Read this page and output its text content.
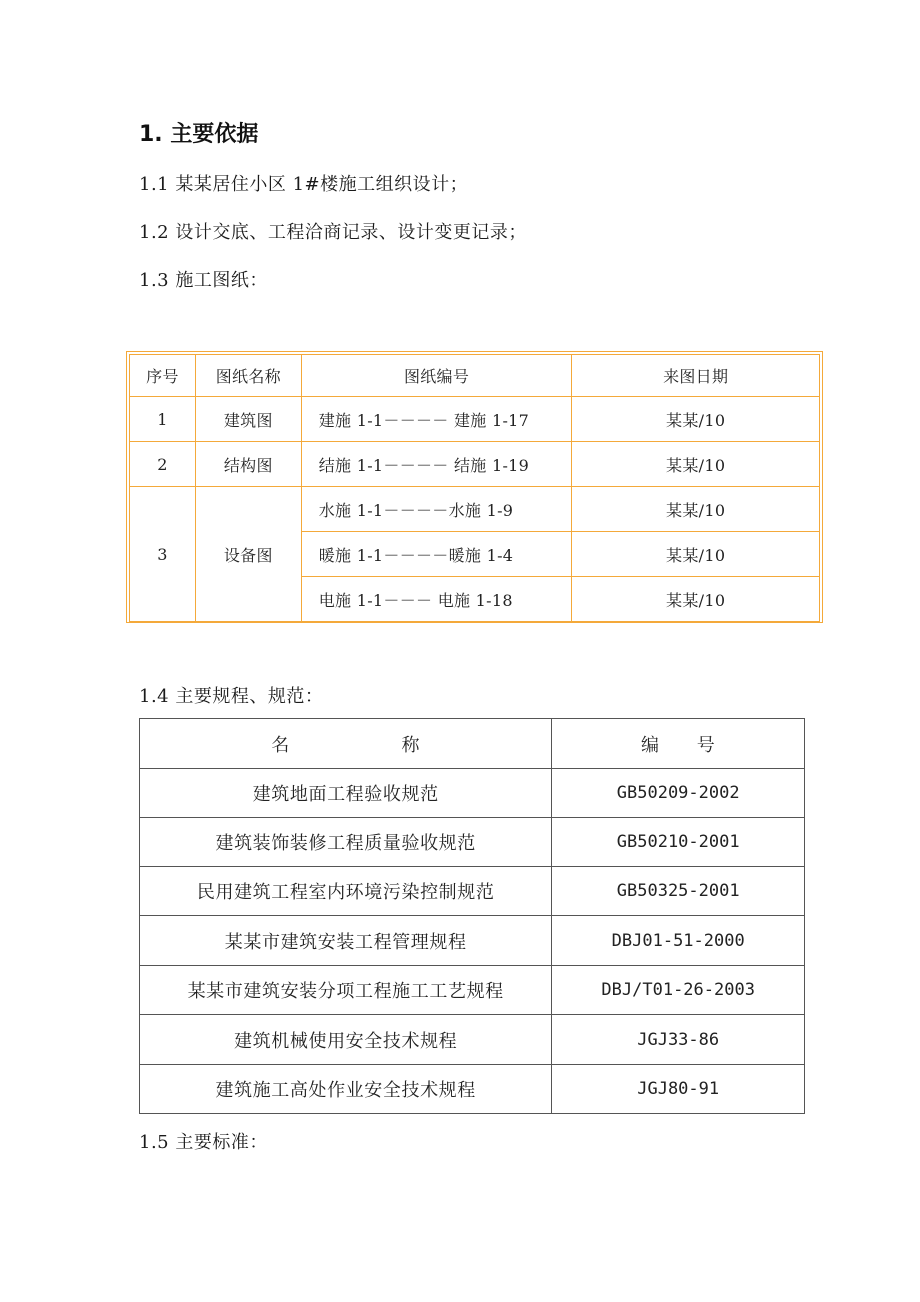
1. 主要依据
1.1 某某居住小区 1#楼施工组织设计；
1.2 设计交底、工程洽商记录、设计变更记录；
1.3 施工图纸：
序号	图纸名称	图纸编号	来图日期
1	建筑图	建施 1-1－－－－ 建施 1-17	某某/10
2	结构图	结施 1-1－－－－ 结施 1-19	某某/10
3	设备图	水施 1-1－－－－水施 1-9	某某/10
		暖施 1-1－－－－暖施 1-4	某某/10
		电施 1-1－－－ 电施 1-18	某某/10
1.4 主要规程、规范：
名　　　　　　称	编　　号
建筑地面工程验收规范	GB50209-2002
建筑装饰装修工程质量验收规范	GB50210-2001
民用建筑工程室内环境污染控制规范	GB50325-2001
某某市建筑安装工程管理规程	DBJ01-51-2000
某某市建筑安装分项工程施工工艺规程	DBJ/T01-26-2003
建筑机械使用安全技术规程	JGJ33-86
建筑施工高处作业安全技术规程	JGJ80-91
1.5 主要标准：
